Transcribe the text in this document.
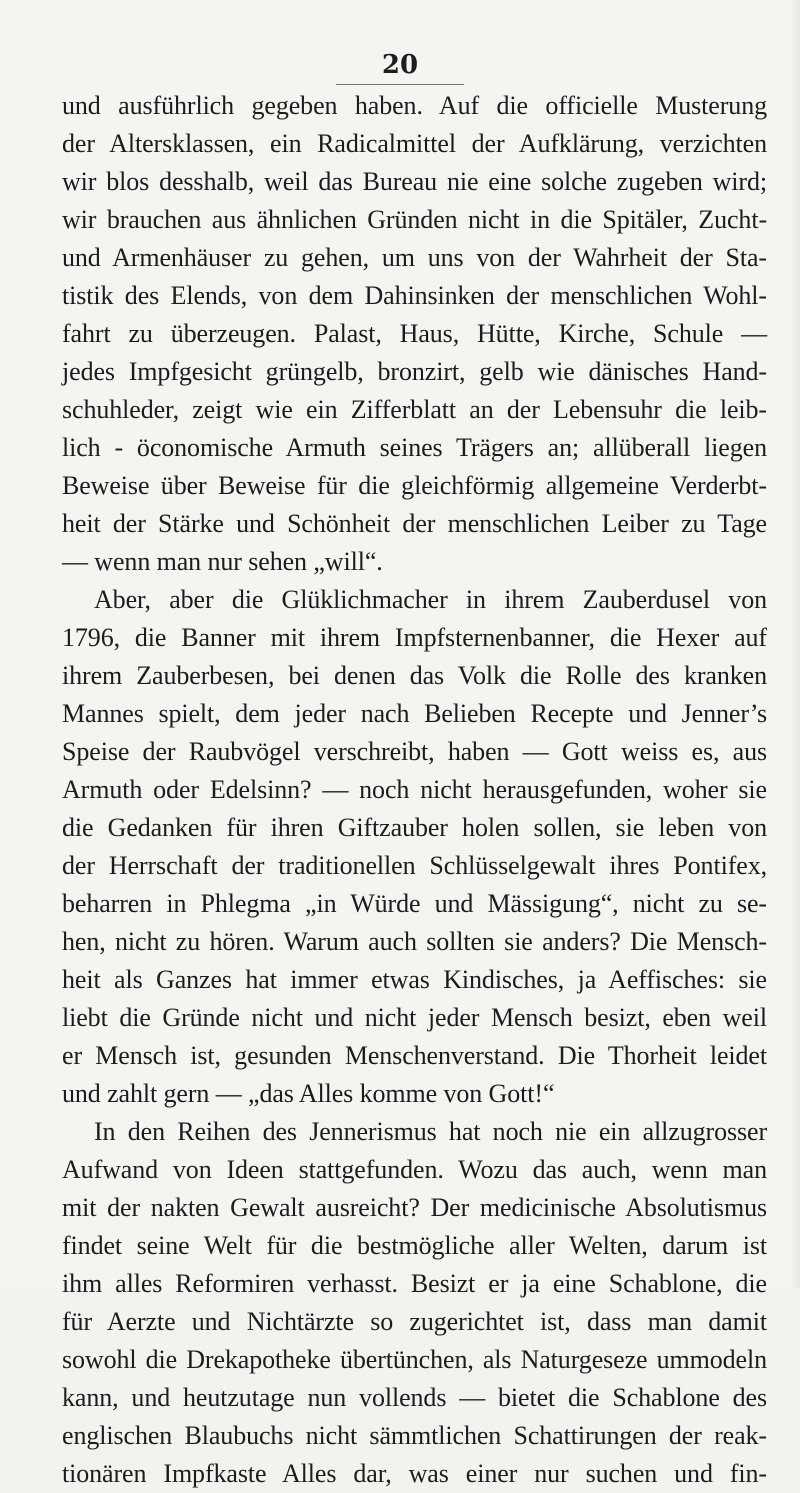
20
und ausführlich gegeben haben. Auf die officielle Musterung
der Altersklassen, ein Radicalmittel der Aufklärung, verzichten
wir blos desshalb, weil das Bureau nie eine solche zugeben wird;
wir brauchen aus ähnlichen Gründen nicht in die Spitäler, Zucht-
und Armenhäuser zu gehen, um uns von der Wahrheit der Sta-
tistik des Elends, von dem Dahinsinken der menschlichen Wohl-
fahrt zu überzeugen. Palast, Haus, Hütte, Kirche, Schule —
jedes Impfgesicht grüngelb, bronzirt, gelb wie dänisches Hand-
schuhleder, zeigt wie ein Zifferblatt an der Lebensuhr die leib-
lich - öconomische Armuth seines Trägers an; allüberall liegen
Beweise über Beweise für die gleichförmig allgemeine Verderbt-
heit der Stärke und Schönheit der menschlichen Leiber zu Tage
— wenn man nur sehen „will“.
Aber, aber die Glüklichmacher in ihrem Zauberdusel von
1796, die Banner mit ihrem Impfsternenbanner, die Hexer auf
ihrem Zauberbesen, bei denen das Volk die Rolle des kranken
Mannes spielt, dem jeder nach Belieben Recepte und Jenner’s
Speise der Raubvögel verschreibt, haben — Gott weiss es, aus
Armuth oder Edelsinn? — noch nicht herausgefunden, woher sie
die Gedanken für ihren Giftzauber holen sollen, sie leben von
der Herrschaft der traditionellen Schlüsselgewalt ihres Pontifex,
beharren in Phlegma „in Würde und Mässigung“, nicht zu se-
hen, nicht zu hören. Warum auch sollten sie anders? Die Mensch-
heit als Ganzes hat immer etwas Kindisches, ja Aeffisches: sie
liebt die Gründe nicht und nicht jeder Mensch besizt, eben weil
er Mensch ist, gesunden Menschenverstand. Die Thorheit leidet
und zahlt gern — „das Alles komme von Gott!“
In den Reihen des Jennerismus hat noch nie ein allzugrosser
Aufwand von Ideen stattgefunden. Wozu das auch, wenn man
mit der nakten Gewalt ausreicht? Der medicinische Absolutismus
findet seine Welt für die bestmögliche aller Welten, darum ist
ihm alles Reformiren verhasst. Besizt er ja eine Schablone, die
für Aerzte und Nichtärzte so zugerichtet ist, dass man damit
sowohl die Drekapotheke übertünchen, als Naturgeseze ummodeln
kann, und heutzutage nun vollends — bietet die Schablone des
englischen Blaubuchs nicht sämmtlichen Schattirungen der reak-
tionären Impfkaste Alles dar, was einer nur suchen und fin-
